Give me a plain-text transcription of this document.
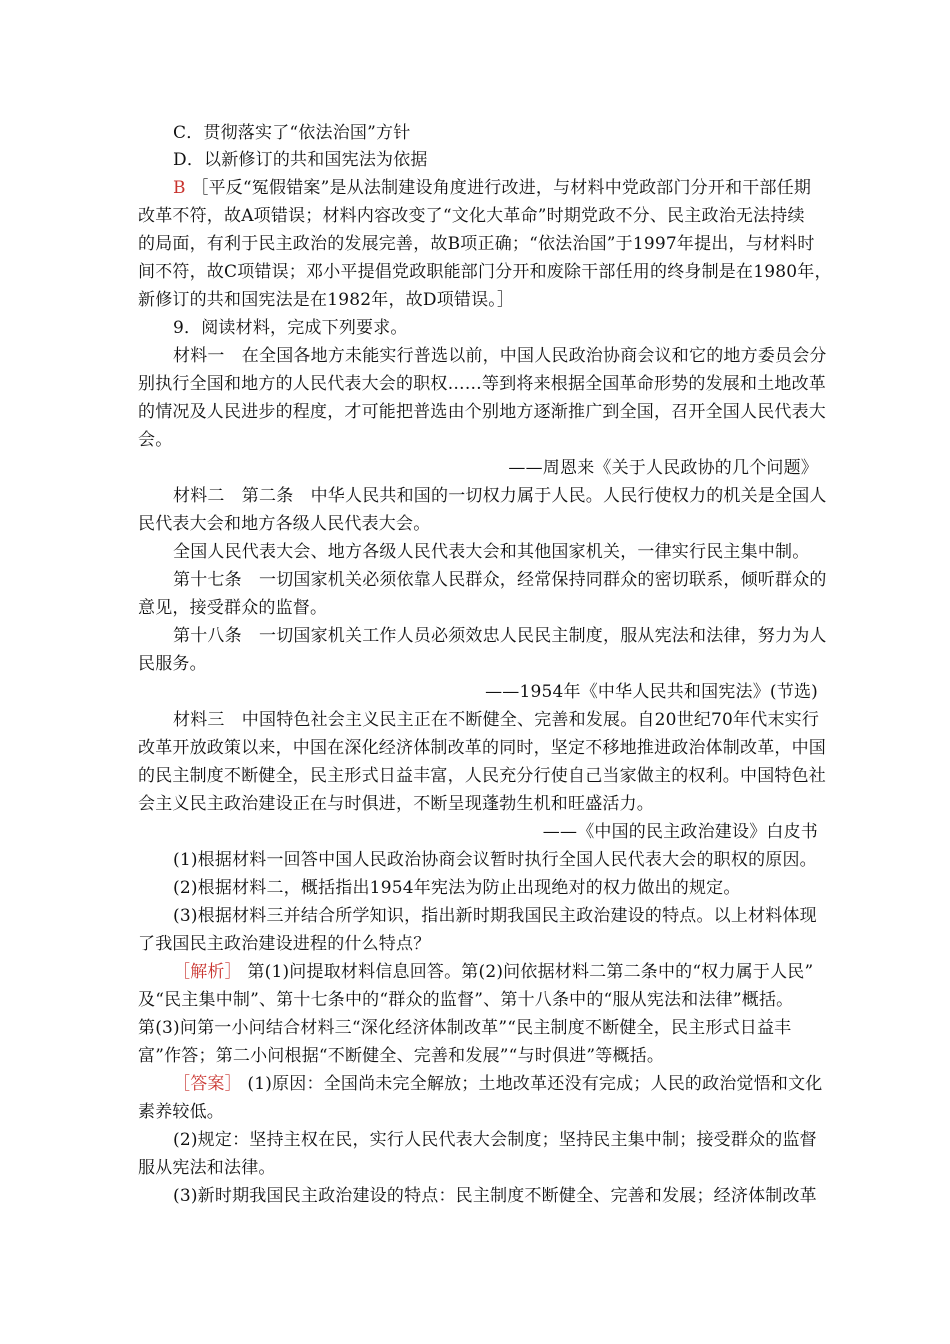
C．贯彻落实了“依法治国”方针
D．以新修订的共和国宪法为依据
B ［平反“冤假错案”是从法制建设角度进行改进，与材料中党政部门分开和干部任期
改革不符，故A项错误；材料内容改变了“文化大革命”时期党政不分、民主政治无法持续
的局面，有利于民主政治的发展完善，故B项正确；“依法治国”于1997年提出，与材料时
间不符，故C项错误；邓小平提倡党政职能部门分开和废除干部任用的终身制是在1980年，
新修订的共和国宪法是在1982年，故D项错误。］
9．阅读材料，完成下列要求。
材料一　在全国各地方未能实行普选以前，中国人民政治协商会议和它的地方委员会分
别执行全国和地方的人民代表大会的职权……等到将来根据全国革命形势的发展和土地改革
的情况及人民进步的程度，才可能把普选由个别地方逐渐推广到全国，召开全国人民代表大
会。
——周恩来《关于人民政协的几个问题》
材料二　第二条　中华人民共和国的一切权力属于人民。人民行使权力的机关是全国人
民代表大会和地方各级人民代表大会。
全国人民代表大会、地方各级人民代表大会和其他国家机关，一律实行民主集中制。
第十七条　一切国家机关必须依靠人民群众，经常保持同群众的密切联系，倾听群众的
意见，接受群众的监督。
第十八条　一切国家机关工作人员必须效忠人民民主制度，服从宪法和法律，努力为人
民服务。
——1954年《中华人民共和国宪法》(节选)
材料三　中国特色社会主义民主正在不断健全、完善和发展。自20世纪70年代末实行
改革开放政策以来，中国在深化经济体制改革的同时，坚定不移地推进政治体制改革，中国
的民主制度不断健全，民主形式日益丰富，人民充分行使自己当家做主的权利。中国特色社
会主义民主政治建设正在与时俱进，不断呈现蓬勃生机和旺盛活力。
——《中国的民主政治建设》白皮书
(1)根据材料一回答中国人民政治协商会议暂时执行全国人民代表大会的职权的原因。
(2)根据材料二，概括指出1954年宪法为防止出现绝对的权力做出的规定。
(3)根据材料三并结合所学知识，指出新时期我国民主政治建设的特点。以上材料体现
了我国民主政治建设进程的什么特点？
［解析］ 第(1)问提取材料信息回答。第(2)问依据材料二第二条中的“权力属于人民”
及“民主集中制”、第十七条中的“群众的监督”、第十八条中的“服从宪法和法律”概括。
第(3)问第一小问结合材料三“深化经济体制改革”“民主制度不断健全，民主形式日益丰
富”作答；第二小问根据“不断健全、完善和发展”“与时俱进”等概括。
［答案］ (1)原因：全国尚未完全解放；土地改革还没有完成；人民的政治觉悟和文化
素养较低。
(2)规定：坚持主权在民，实行人民代表大会制度；坚持民主集中制；接受群众的监督
服从宪法和法律。
(3)新时期我国民主政治建设的特点：民主制度不断健全、完善和发展；经济体制改革
